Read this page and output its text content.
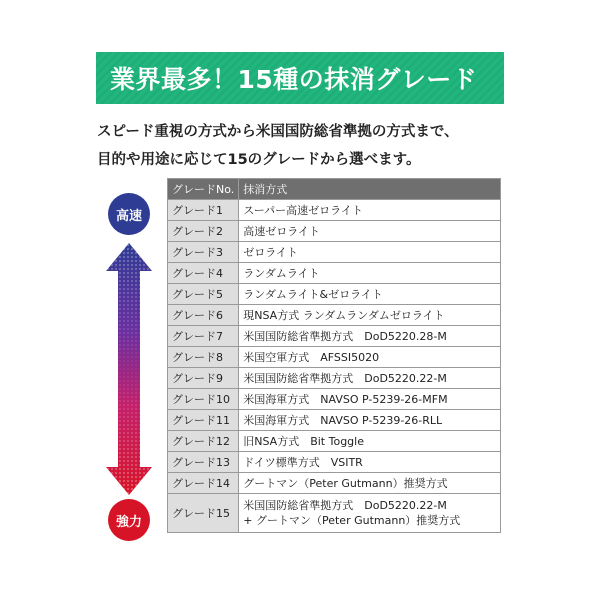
業界最多！15種の抹消グレード
スピード重視の方式から米国国防総省準拠の方式まで、
目的や用途に応じて15のグレードから選べます。
高速
強力
グレードNo.	抹消方式
グレード1	スーパー高速ゼロライト

グレード2	高速ゼロライト

グレード3	ゼロライト

グレード4	ランダムライト

グレード5	ランダムライト&ゼロライト

グレード6	現NSA方式 ランダムランダムゼロライト

グレード7	米国国防総省準拠方式　DoD5220.28-M

グレード8	米国空軍方式　AFSSI5020

グレード9	米国国防総省準拠方式　DoD5220.22-M

グレード10	米国海軍方式　NAVSO P-5239-26-MFM

グレード11	米国海軍方式　NAVSO P-5239-26-RLL

グレード12	旧NSA方式　Bit Toggle

グレード13	ドイツ標準方式　VSITR

グレード14	グートマン（Peter Gutmann）推奨方式

グレード15	米国国防総省準拠方式　DoD5220.22-M
+ グートマン（Peter Gutmann）推奨方式
